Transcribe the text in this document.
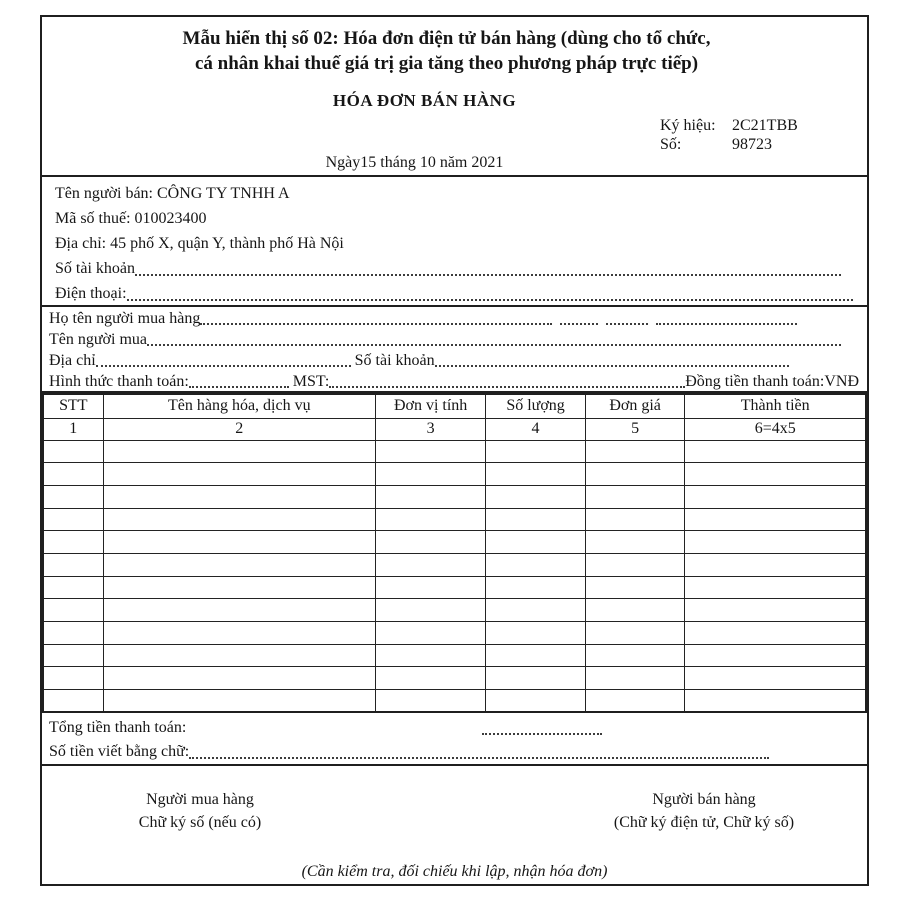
Mẫu hiển thị số 02: Hóa đơn điện tử bán hàng (dùng cho tổ chức,
cá nhân khai thuế giá trị gia tăng theo phương pháp trực tiếp)
HÓA ĐƠN BÁN HÀNG
Ký hiệu:	2C21TBB
Số:	98723
Ngày15 tháng 10 năm 2021
Tên người bán: CÔNG TY TNHH A
Mã số thuế: 010023400
Địa chỉ: 45 phố X, quận Y, thành phố Hà Nội
Số tài khoản
Điện thoại:
Họ tên người mua hàng
Tên người mua
Địa chỉ	Số tài khoản
Hình thức thanh toán:	MST:	Đồng tiền thanh toán:VNĐ
STT	Tên hàng hóa, dịch vụ	Đơn vị tính	Số lượng	Đơn giá	Thành tiền
1	2	3	4	5	6=4x5

Tổng tiền thanh toán:
Số tiền viết bằng chữ:
Người mua hàng
Chữ ký số (nếu có)
Người bán hàng
(Chữ ký điện tử, Chữ ký số)
(Cần kiểm tra, đối chiếu khi lập, nhận hóa đơn)
